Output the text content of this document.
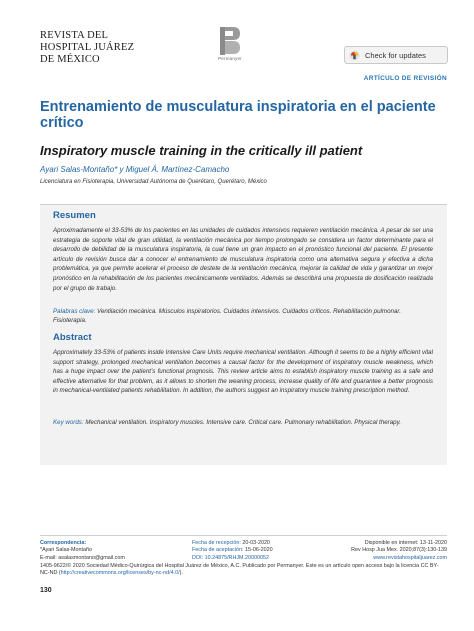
REVISTA DEL
HOSPITAL JUÁREZ
DE MÉXICO	Permanyer	Check for updates
ARTÍCULO DE REVISIÓN
Entrenamiento de musculatura inspiratoria en el paciente crítico
Inspiratory muscle training in the critically ill patient
Ayari Salas-Montaño* y Miguel Á. Martínez-Camacho
Licenciatura en Fisioterapia, Universidad Autónoma de Querétaro, Querétaro, México
Resumen
Aproximadamente el 33-53% de los pacientes en las unidades de cuidados intensivos requieren ventilación mecánica. A pesar de ser una estrategia de soporte vital de gran utilidad, la ventilación mecánica por tiempo prolongado se considera un factor determinante para el desarrollo de debilidad de la musculatura inspiratoria, la cual tiene un gran impacto en el pronóstico funcional del paciente. El presente artículo de revisión busca dar a conocer el entrenamiento de musculatura inspiratoria como una alternativa segura y efectiva a dicha problemática, ya que permite acelerar el proceso de destete de la ventilación mecánica, mejorar la calidad de vida y garantizar un mejor pronóstico en la rehabilitación de los pacientes mecánicamente ventilados. Además se describirá una propuesta de dosificación realizada por el grupo de trabajo.
Palabras clave: Ventilación mecánica. Músculos inspiratorios. Cuidados intensivos. Cuidados críticos. Rehabilitación pulmonar. Fisioterapia.
Abstract
Approximately 33-53% of patients inside Intensive Care Units require mechanical ventilation. Although it seems to be a highly efficient vital support strategy, prolonged mechanical ventilation becomes a causal factor for the development of inspiratory muscle weakness, which has a huge impact over the patient’s functional prognosis. This review article aims to establish inspiratory muscle training as a safe and effective alternative for that problem, as it allows to shorten the weaning process, increase quality of life and guarantee a better prognosis in mechanical-ventilated patients rehabilitation. In addition, the authors suggest an inspiratory muscle training prescription method.
Key words: Mechanical ventilation. Inspiratory muscles. Intensive care. Critical care. Pulmonary rehabilitation. Physical therapy.
Correspondencia:
*Ayari Salas-Montaño
E-mail: asalasmontano@gmail.com
Fecha de recepción: 20-03-2020
Fecha de aceptación: 15-06-2020
DOI: 10.24875/RHJM.20000052
Disponible en internet: 13-11-2020
Rev Hosp Jua Mex. 2020;87(3):130-139
www.revistahospitaljuarez.com
1405-9622/© 2020 Sociedad Médico-Quirúrgica del Hospital Juárez de México, A.C. Publicado por Permanyer. Este es un artículo open access bajo la licencia CC BY-NC-ND (http://creativecommons.org/licenses/by-nc-nd/4.0/).
130
